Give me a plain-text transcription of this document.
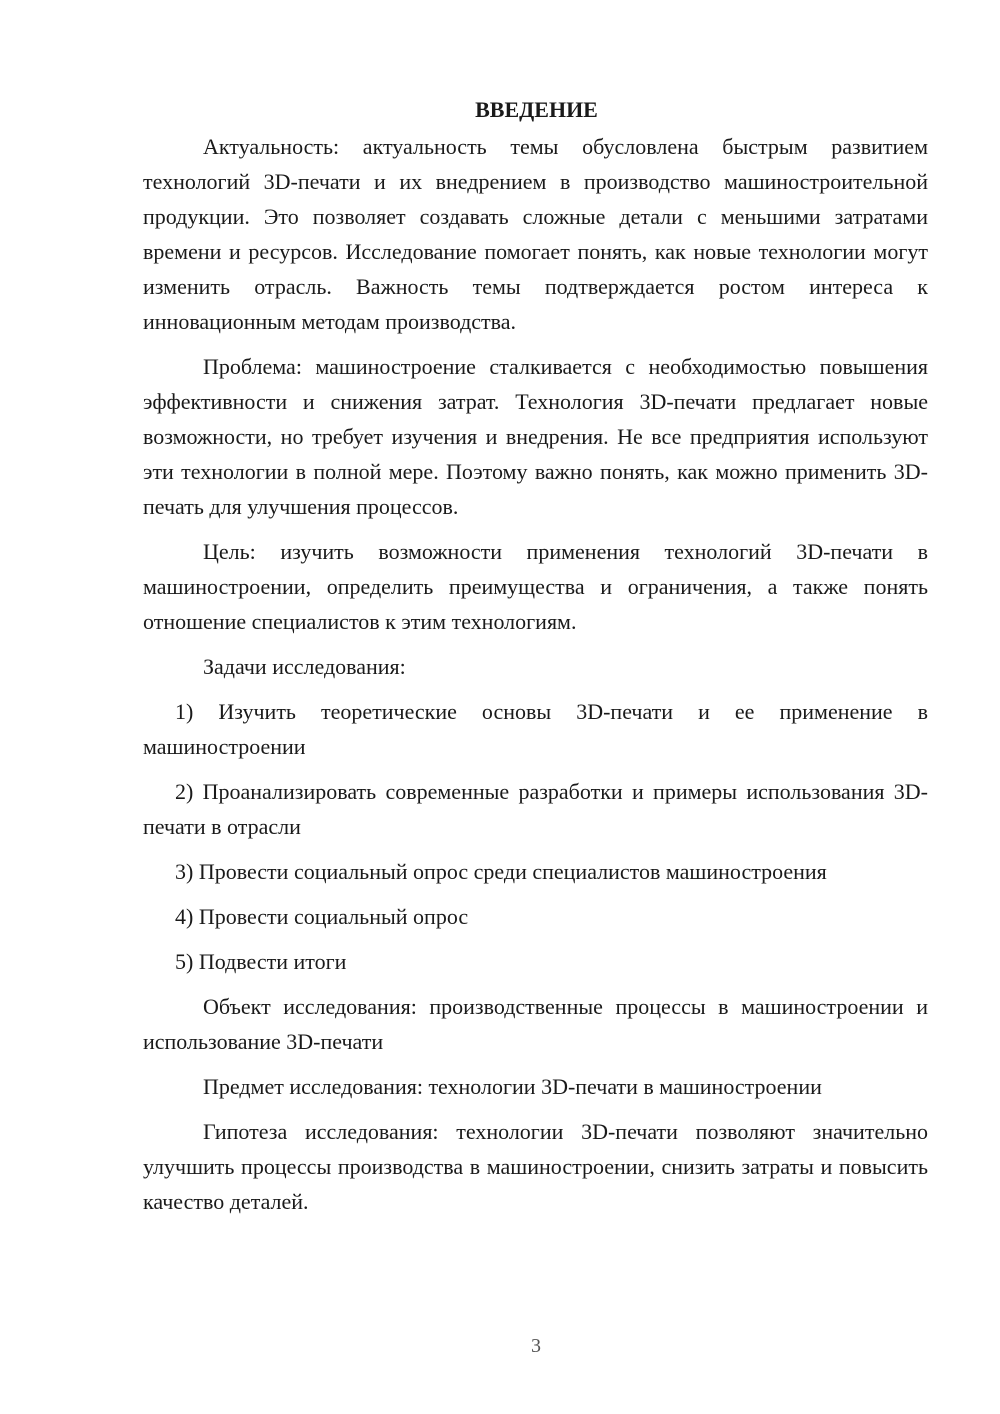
ВВЕДЕНИЕ

Актуальность: актуальность темы обусловлена быстрым развитием технологий 3D-печати и их внедрением в производство машиностроительной продукции. Это позволяет создавать сложные детали с меньшими затратами времени и ресурсов. Исследование помогает понять, как новые технологии могут изменить отрасль. Важность темы подтверждается ростом интереса к инновационным методам производства.

Проблема: машиностроение сталкивается с необходимостью повышения эффективности и снижения затрат. Технология 3D-печати предлагает новые возможности, но требует изучения и внедрения. Не все предприятия используют эти технологии в полной мере. Поэтому важно понять, как можно применить 3D-печать для улучшения процессов.

Цель: изучить возможности применения технологий 3D-печати в машиностроении, определить преимущества и ограничения, а также понять отношение специалистов к этим технологиям.

Задачи исследования:

1) Изучить теоретические основы 3D-печати и ее применение в машиностроении

2) Проанализировать современные разработки и примеры использования 3D-печати в отрасли

3) Провести социальный опрос среди специалистов машиностроения

4) Провести социальный опрос

5) Подвести итоги

Объект исследования: производственные процессы в машиностроении и использование 3D-печати

Предмет исследования: технологии 3D-печати в машиностроении

Гипотеза исследования: технологии 3D-печати позволяют значительно улучшить процессы производства в машиностроении, снизить затраты и повысить качество деталей.

3
